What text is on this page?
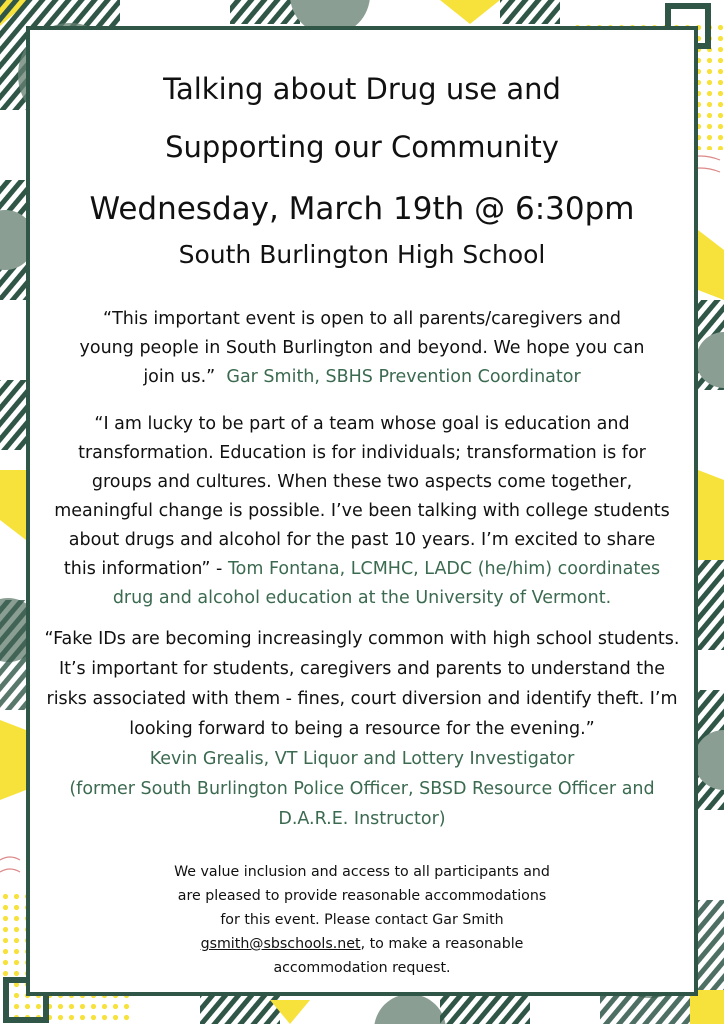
Talking about Drug use and
Supporting our Community
Wednesday, March 19th @ 6:30pm
South Burlington High School
“This important event is open to all parents/caregivers and
young people in South Burlington and beyond. We hope you can
join us.” Gar Smith, SBHS Prevention Coordinator
“I am lucky to be part of a team whose goal is education and
transformation. Education is for individuals; transformation is for
groups and cultures. When these two aspects come together,
meaningful change is possible. I’ve been talking with college students
about drugs and alcohol for the past 10 years. I’m excited to share
this information” - Tom Fontana, LCMHC, LADC (he/him) coordinates
drug and alcohol education at the University of Vermont.
“Fake IDs are becoming increasingly common with high school students.
It’s important for students, caregivers and parents to understand the
risks associated with them - fines, court diversion and identify theft. I’m
looking forward to being a resource for the evening.”
Kevin Grealis, VT Liquor and Lottery Investigator
(former South Burlington Police Officer, SBSD Resource Officer and
D.A.R.E. Instructor)
We value inclusion and access to all participants and
are pleased to provide reasonable accommodations
for this event. Please contact Gar Smith
gsmith@sbschools.net, to make a reasonable
accommodation request.
